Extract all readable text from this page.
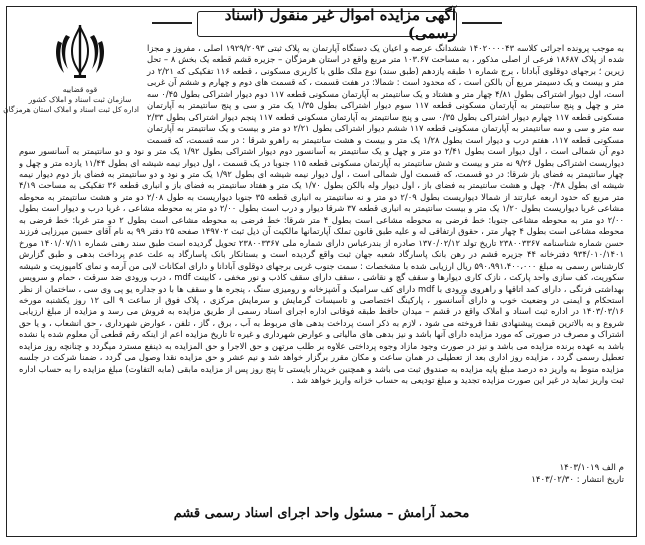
آگهی مزایده اموال غیر منقول (اسناد رسمی)
قوه قضاییه
سازمان ثبت اسناد و املاک کشور
اداره کل ثبت اسناد و املاک استان هرمزگان

به موجب پرونده اجرائی کلاسه ۱۴۰۲۰۰۰۰۴۳ ششدانگ عرصه و اعیان یک دستگاه آپارتمان به پلاک ثبتی ۱۹۲۹/۲۰۹۳ اصلی ، مفروز و مجزا شده از پلاک ۱۸۶۸۷ فرعی از اصلی مذکور ، به مساحت ۱۰۳.۶۷ متر مربع واقع در استان هرمزگان – جزیره قشم قطعه یک بخش ۸ – تحل زیرین ؛ برجهای دوقلوی آبادانا ، برج شماره ۱ طبقه یازدهم (طبق سند) نوع ملک طلق با کاربری مسکونی ، قطعه ۱۱۶ تفکیکی که ۲/۲۱ در متر و بیست و یک دسیمتر مربع آن بالکن است ، که محدود است : شمالا: در هفت قسمت ، که قسمت های دوم و چهارم و ششم آن غربی است، اول دیوار اشتراکی بطول ۴/۸۱ چهار متر و هشتاد و یک سانتیمتر به آپارتمان مسکونی قطعه ۱۱۷ دوم دیوار اشتراکی بطول ۰/۴۵ سه متر و چهل و پنج سانتیمتر به آپارتمان مسکونی قطعه ۱۱۷ سوم دیوار اشتراکی بطول ۱/۳۵ یک متر و سی و پنج سانتیمتر به آپارتمان مسکونی قطعه ۱۱۷ چهارم دیوار اشتراکی بطول ۰/۳۵ سی و پنج سانتیمتر به آپارتمان مسکونی قطعه ۱۱۷ پنجم دیوار اشتراکی بطول ۲/۳۳ سه متر و سی و سه سانتیمتر به آپارتمان مسکونی قطعه ۱۱۷ ششم دیوار اشتراکی بطول ۲/۲۱ دو متر و بیست و یک سانتیمتر به آپارتمان مسکونی قطعه ۱۱۷، هفتم درب و دیوار است بطول ۱/۲۸ یک متر و بیست و هشت سانتیمتر به راهرو شرقا : در سه قسمت، که قسمت دوم آن شمالی است ، اول دیوار است بطول ۲/۴۱ دو متر و چهل و یک سانتیمتر به آسانسور دوم دیوار اشتراکی بطول ۱/۹۲ یک متر و نود و دو سانتیمتر به آسانسور سوم دیواریست اشتراکی بطول ۹/۲۶ نه متر و بیست و شش سانتیمتر به آپارتمان مسکونی قطعه ۱۱۵ جنوبا در یک قسمت ، اول دیوار نیمه شیشه ای بطول ۱۱/۴۴ یازده متر و چهل و چهار سانتیمتر به فضای باز شرقا: در دو قسمت، که قسمت اول شمالی است ، اول دیوار نیمه شیشه ای بطول ۱/۹۲ یک متر و نود و دو سانتیمتر به فضای باز دوم دیوار نیمه شیشه ای بطول ۰/۴۸ چهل و هشت سانتیمتر به فضای باز ، اول دیوار وله بالکن بطول ۱/۷۰ یک متر و هفتاد سانتیمتر به فضای باز و انباری قطعه ۳۶ تفکیکی به مساحت ۴/۱۹ متر مربع که حدود اربعه عبارتند از شمالا دیواریست بطول ۲/۰۹ دو متر و نه سانتیمتر به انباری قطعه ۳۵ جنوبا دیواریست به طول ۲/۰۸ دو متر و هشت سانتیمتر به محوطه مشاعی غربا دیواریست بطول ۱/۲۰ یک متر و بیست سانتیمتر به انباری قطعه ۳۷ شرقا دیوار و درب است بطول ۲/۰۰ دو متر به محوطه مشاعی ، غربا درب و دیوار است بطول ۲/۰۰ دو متر به محوطه مشاعی جنوبا: خط فرضی به محوطه مشاعی است بطول ۴ متر شرقا: خط فرضی به محوطه مشاعی است بطول ۲ دو متر غربا: خط فرضی به محوطه مشاعی است بطول ۴ چهار متر ، حقوق ارتفاقی له و علیه طبق قانون تملک آپارتمانها مالکیت آن ذیل ثبت ۱۴۹۷۰۲ صفحه ۲۵ دفتر ۹۹ به نام آقای حسین میرزایی فرزند حسن شماره شناسنامه ۲۳۸۰۰۳۳۶۷ تاریخ تولد ۱۳۷۰/۰۲/۱۲ صادره از بندرعباس دارای شماره ملی ۲۳۸۰۰۳۳۶۷ تحویل گردیده است طبق سند رهنی شماره ۱۴۰۱/۰۷/۱۱ مورخ ۹۳۴/۰۱۰/۱۴۰۱ دفترخانه ۴۴ جزیره قشم در رهن بانک پاسارگاد شعبه جهان ثبت واقع گردیده است و بستانکار بانک پاسارگاد به علت عدم پرداخت بدهی و طبق گزارش کارشناس رسمی به مبلغ ۵۹۰،۹۹۱،۴۰۰،۰۰۰ ریال ارزیابی شده با مشخصات : سمت جنوب غربی برجهای دوقلوی آبادانا و دارای امکانات لابی من آرمه و نمای کامپوزیت و شیشه سکوریت، کف سازی واحد پارکت ، نازک کاری دیوارها و سقف گچ و نقاشی ، سقف دارای سقف کاذب و نور مخفی ، کابینت mdf ، درب ورودی ضد سرقت ، حمام و سرویس بهداشتی فرنگی ، دارای کمد اتاقها و راهروی ورودی با mdf دارای کف سرامیک و آشپزخانه و رومیزی سنگ ، پنجره ها و سقف ها با دو جداره یو پی وی سی ، ساختمان از نظر استحکام و ایمنی در وضعیت خوب و دارای آسانسور ، پارکینگ اختصاصی و تاسیسات گرمایش و سرمایش مرکزی ، پلاک فوق از ساعت ۹ الی ۱۲ روز یکشنبه مورخه ۱۴۰۳/۰۳/۱۶ در اداره ثبت اسناد و املاک واقع در قشم – میدان حافظ طبقه فوقانی اداره اجرای اسناد رسمی از طریق مزایده به فروش می رسد و مزایده از مبلغ ارزیابی شروع و به بالاترین قیمت پیشنهادی نقدا فروخته می شود ، لازم به ذکر است پرداخت بدهی های مربوط به آب ، برق ، گاز ، تلفن ، عوارض شهرداری ، حق انشعاب ، و یا حق اشتراک و مصرف در صورتی که مورد مزایده دارای آنها باشد و نیز بدهی های مالیاتی و عوارض شهرداری و غیره تا تاریخ مزایده اعم از اینکه رقم قطعی آن معلوم شده یا نشده باشد به عهده برنده مزایده می باشد و نیز در صورت وجود مازاد وجوه پرداختی علاوه بر طلب مرتهن و حق الاجرا و حق المزایده به ذینفع مسترد میگردد و چنانچه روز مزایده تعطیل رسمی گردد ، مزایده روز اداری بعد از تعطیلی در همان ساعت و مکان مقرر برگزار خواهد شد و نیم عشر و حق مزایده نقدا وصول می گردد ، ضمنا شرکت در جلسه مزایده منوط به واریز ده درصد مبلغ پایه مزایده به صندوق ثبت می باشد و همچنین خریدار بایستی تا پنج روز پس از مزایده مابقی (مابه التفاوت) مبلغ مزایده را به حساب اداره ثبت واریز نماید در غیر این صورت مزایده تجدید و مبلغ تودیعی به حساب خزانه واریز خواهد شد .

م الف ۱۴۰۳/۱۰۱۹
تاریخ انتشار : ۱۴۰۳/۰۲/۳۰
محمد آرامش – مسئول واحد اجرای اسناد رسمی قشم
